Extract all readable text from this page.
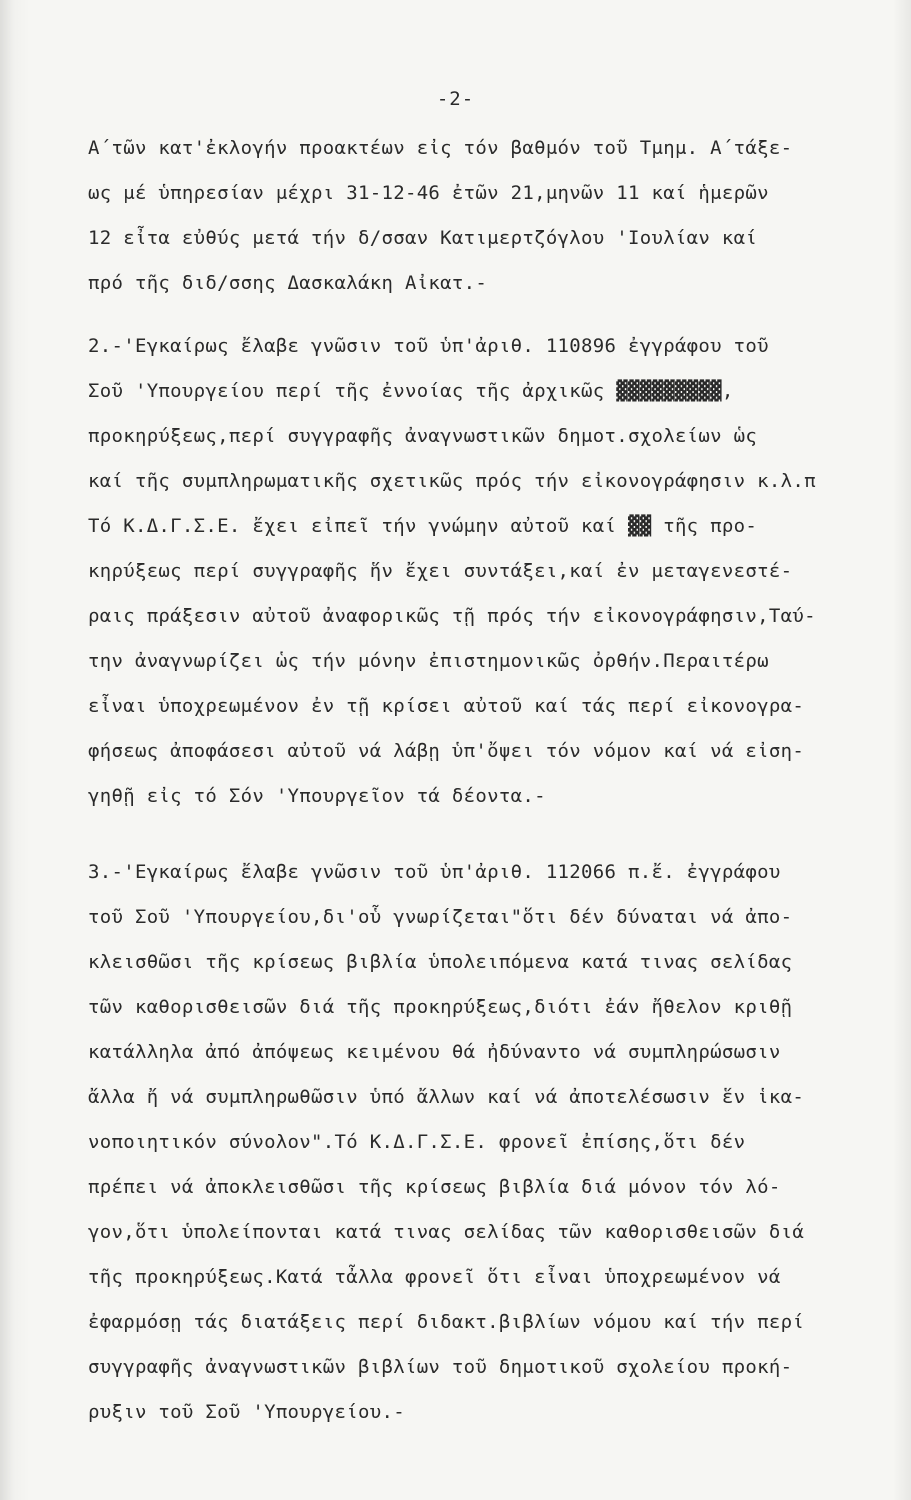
-2-
Α΄τῶν κατ'ἐκλογήν προακτέων εἰς τόν βαθμόν τοῦ Τμημ. Α΄τάξε-
ως μέ ὑπηρεσίαν μέχρι 31-12-46 ἐτῶν 21,μηνῶν 11 καί ἡμερῶν
12 εἶτα εὐθύς μετά τήν δ/σσαν Κατιμερτζόγλου 'Ιουλίαν καί
πρό τῆς διδ/σσης Δασκαλάκη Αἰκατ.-
2.-'Εγκαίρως ἔλαβε γνῶσιν τοῦ ὑπ'ἀριθ. 110896 ἐγγράφου τοῦ
Σοῦ 'Υπουργείου περί τῆς ἐννοίας τῆς ἀρχικῶς ▓▓▓▓▓▓▓▓▓,
προκηρύξεως,περί συγγραφῆς ἀναγνωστικῶν δημοτ.σχολείων ὡς
καί τῆς συμπληρωματικῆς σχετικῶς πρός τήν εἰκονογράφησιν κ.λ.π
Τό Κ.Δ.Γ.Σ.Ε. ἔχει εἰπεῖ τήν γνώμην αὐτοῦ καί ▓▓ τῆς προ-
κηρύξεως περί συγγραφῆς ἥν ἔχει συντάξει,καί ἐν μεταγενεστέ-
ραις πράξεσιν αὐτοῦ ἀναφορικῶς τῇ πρός τήν εἰκονογράφησιν,Ταύ-
την ἀναγνωρίζει ὡς τήν μόνην ἐπιστημονικῶς ὀρθήν.Περαιτέρω
εἶναι ὑποχρεωμένον ἐν τῇ κρίσει αὐτοῦ καί τάς περί εἰκονογρα-
φήσεως ἀποφάσεσι αὐτοῦ νά λάβῃ ὑπ'ὄψει τόν νόμον καί νά εἰση-
γηθῇ εἰς τό Σόν 'Υπουργεῖον τά δέοντα.-
3.-'Εγκαίρως ἔλαβε γνῶσιν τοῦ ὑπ'ἀριθ. 112066 π.ἔ. ἐγγράφου
τοῦ Σοῦ 'Υπουργείου,δι'οὗ γνωρίζεται"ὅτι δέν δύναται νά ἀπο-
κλεισθῶσι τῆς κρίσεως βιβλία ὑπολειπόμενα κατά τινας σελίδας
τῶν καθορισθεισῶν διά τῆς προκηρύξεως,διότι ἐάν ἤθελον κριθῇ
κατάλληλα ἀπό ἀπόψεως κειμένου θά ἠδύναντο νά συμπληρώσωσιν
ἄλλα ἤ νά συμπληρωθῶσιν ὑπό ἄλλων καί νά ἀποτελέσωσιν ἕν ἱκα-
νοποιητικόν σύνολον".Τό Κ.Δ.Γ.Σ.Ε. φρονεῖ ἐπίσης,ὅτι δέν
πρέπει νά ἀποκλεισθῶσι τῆς κρίσεως βιβλία διά μόνον τόν λό-
γον,ὅτι ὑπολείπονται κατά τινας σελίδας τῶν καθορισθεισῶν διά
τῆς προκηρύξεως.Κατά τἆλλα φρονεῖ ὅτι εἶναι ὑποχρεωμένον νά
ἐφαρμόσῃ τάς διατάξεις περί διδακτ.βιβλίων νόμου καί τήν περί
συγγραφῆς ἀναγνωστικῶν βιβλίων τοῦ δημοτικοῦ σχολείου προκή-
ρυξιν τοῦ Σοῦ 'Υπουργείου.-
